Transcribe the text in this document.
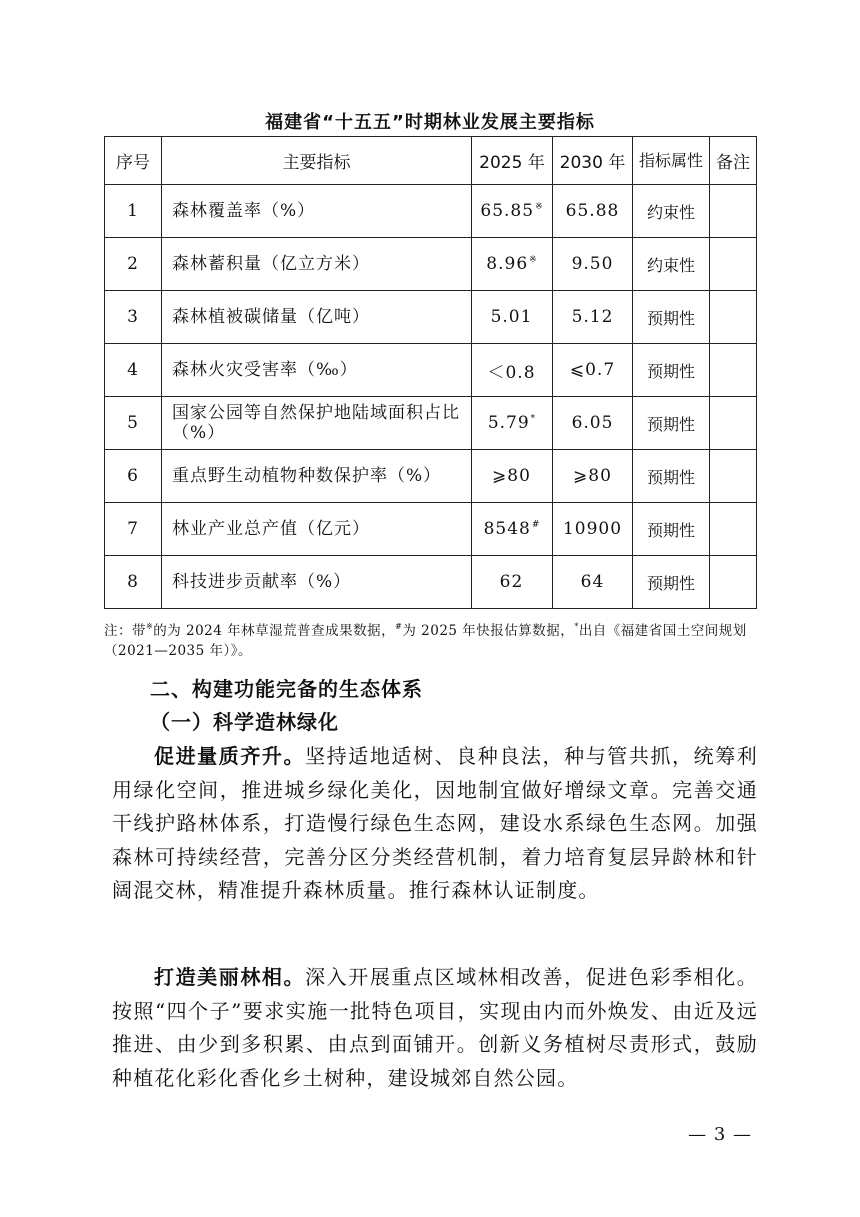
福建省“十五五”时期林业发展主要指标
序号	主要指标	2025 年	2030 年	指标属性	备注
1	森林覆盖率（%）	65.85※	65.88	约束性	
2	森林蓄积量（亿立方米）	8.96※	9.50	约束性	
3	森林植被碳储量（亿吨）	5.01	5.12	预期性	
4	森林火灾受害率（‰）	＜0.8	⩽0.7	预期性	
5	国家公园等自然保护地陆域面积占比（%）	5.79*	6.05	预期性	
6	重点野生动植物种数保护率（%）	⩾80	⩾80	预期性	
7	林业产业总产值（亿元）	8548#	10900	预期性	
8	科技进步贡献率（%）	62	64	预期性	
注：带※的为 2024 年林草湿荒普查成果数据，#为 2025 年快报估算数据，*出自《福建省国土空间规划（2021—2035 年）》。
二、构建功能完备的生态体系
（一）科学造林绿化
促进量质齐升。坚持适地适树、良种良法，种与管共抓，统筹利用绿化空间，推进城乡绿化美化，因地制宜做好增绿文章。完善交通干线护路林体系，打造慢行绿色生态网，建设水系绿色生态网。加强森林可持续经营，完善分区分类经营机制，着力培育复层异龄林和针阔混交林，精准提升森林质量。推行森林认证制度。
打造美丽林相。深入开展重点区域林相改善，促进色彩季相化。按照“四个子”要求实施一批特色项目，实现由内而外焕发、由近及远推进、由少到多积累、由点到面铺开。创新义务植树尽责形式，鼓励种植花化彩化香化乡土树种，建设城郊自然公园。
— 3 —
